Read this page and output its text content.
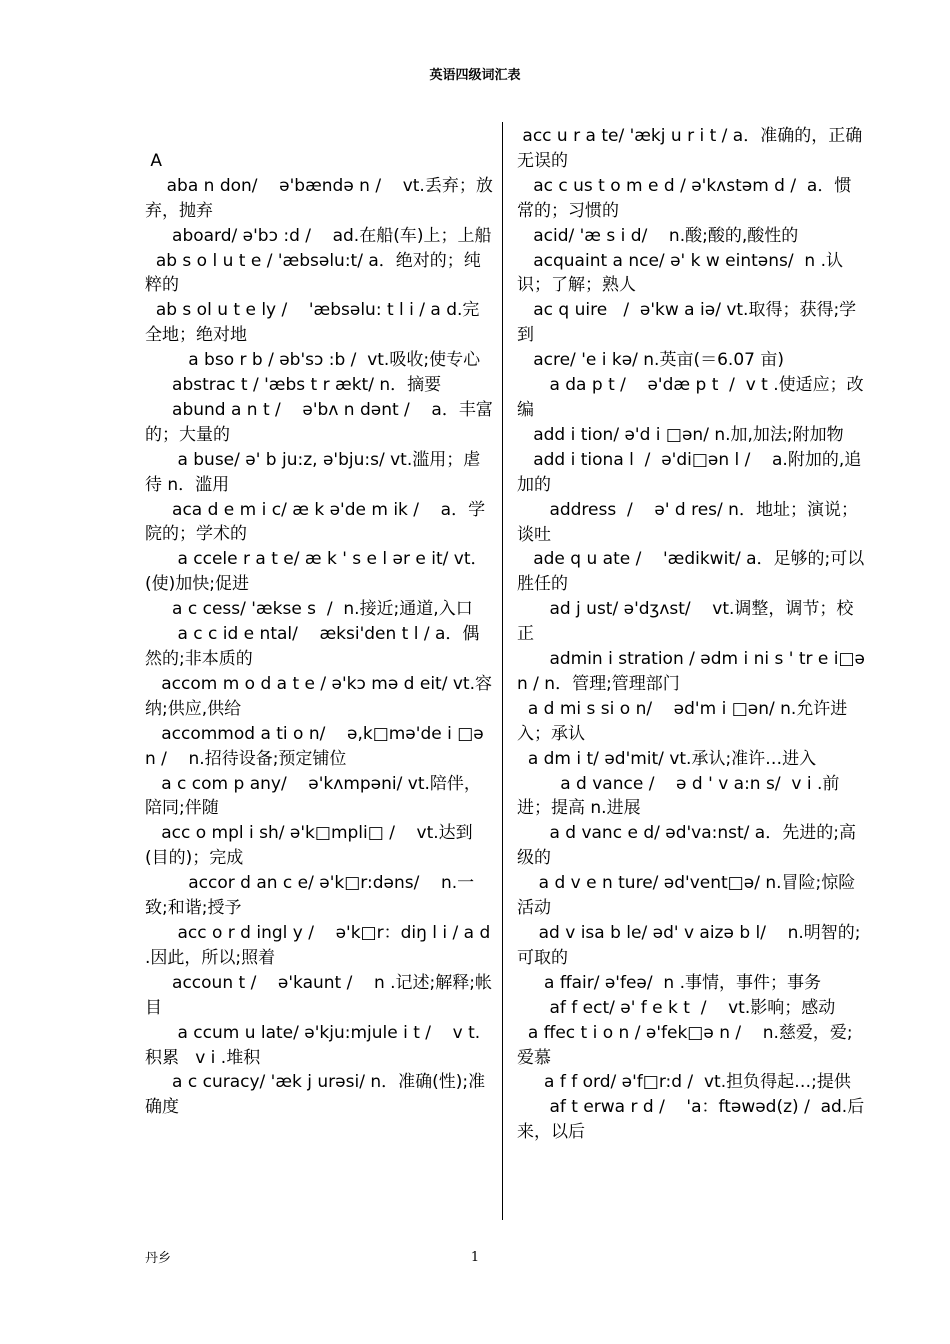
英语四级词汇表
A
aba n don/    ə'bændə n /    vt.丢弃；放弃，抛弃
aboard/ ə'bɔ :d /    ad.在船(车)上；上船
ab s o l u t e / 'æbsəlu:t/ a．绝对的；纯粹的
ab s ol u t e ly /    'æbsəlu: t l i / a d.完全地；绝对地
a bso r b / əb'sɔ :b /  vt.吸收;使专心
abstrac t / 'æbs t r ækt/ n．摘要
abund a n t /    ə'bʌ n dənt /    a．丰富的；大量的
a buse/ ə' b ju:z, ə'bju:s/ vt.滥用；虐待 n．滥用
aca d e m i c/ æ k ə'de m ik /    a．学院的；学术的
a ccele r a t e/ æ k ' s e l ər e it/ vt．(使)加快;促进
a c cess/ 'ækse s  /  n.接近;通道,入口
a c c id e ntal/    æksi'den t l / a．偶然的;非本质的
accom m o d a t e / ə'kɔ mə d eit/ vt.容纳;供应,供给
accommod a ti o n/    ə,k□mə'de i □ən /    n.招待设备;预定铺位
a c com p any/    ə'kʌmpəni/ vt.陪伴，陪同;伴随
acc o mpl i sh/ ə'k□mpli□ /    vt.达到(目的)；完成
accor d an c e/ ə'k□r:dəns/    n.一致;和谐;授予
acc o r d ingl y /    ə'k□r：diŋ l i / a d .因此，所以;照着
accoun t /    ə'kaunt /    n .记述;解释;帐目
a ccum u late/ ə'kju:mjule i t /    v t.积累   v i .堆积
a c curacy/ 'æk j urəsi/ n．准确(性);准确度
acc u r a te/ 'ækj u r i t / a．准确的，正确无误的
ac c us t o m e d / ə'kʌstəm d /  a．惯常的；习惯的
acid/ 'æ s i d/    n.酸;酸的,酸性的
acquaint a nce/ ə' k w eintəns/  n .认识；了解；熟人
ac q uire   /  ə'kw a iə/ vt.取得；获得;学到
acre/ 'e i kə/ n.英亩(＝6.07 亩)
a da p t /    ə'dæ p t  /  v t .使适应；改编
add i tion/ ə'd i □ən/ n.加,加法;附加物
add i tiona l  /  ə'di□ən l /    a.附加的,追加的
address  /    ə' d res/ n．地址；演说；谈吐
ade q u ate /    'ædikwit/ a．足够的;可以胜任的
ad j ust/ ə'dʒʌst/    vt.调整，调节；校正
admin i stration / ədm i ni s ' tr e i□ə n / n．管理;管理部门
a d mi s si o n/    əd'm i □ən/ n.允许进入；承认
a dm i t/ əd'mit/ vt.承认;准许…进入
a d vance /    ə d ' v a:n s/  v i .前进；提高 n.进展
a d vanc e d/ əd'va:nst/ a．先进的;高级的
a d v e n ture/ əd'vent□ə/ n.冒险;惊险活动
ad v isa b le/ əd' v aizə b l/    n.明智的;可取的
a ffair/ ə'feə/  n .事情，事件；事务
af f ect/ ə' f e k t  /    vt.影响；感动
a ffec t i o n / ə'fek□ə n /    n.慈爱，爱;爱慕
a f f ord/ ə'f□r:d /  vt.担负得起…;提供
af t erwa r d /    'a：ftəwəd(z) /  ad.后来，以后
丹乡	1
